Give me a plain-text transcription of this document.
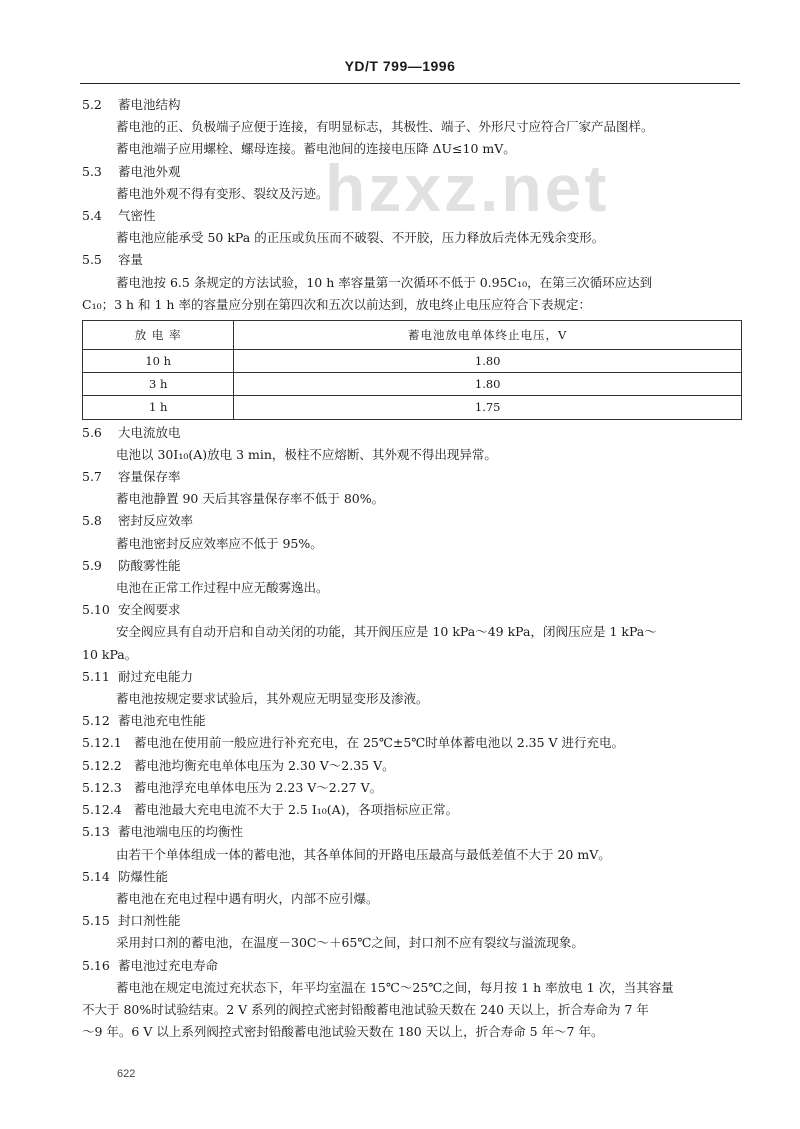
YD/T 799—1996
hzxz.net
5.2	蓄电池结构
蓄电池的正、负极端子应便于连接，有明显标志，其极性、端子、外形尺寸应符合厂家产品图样。
蓄电池端子应用螺栓、螺母连接。蓄电池间的连接电压降 ΔU≤10 mV。
5.3	蓄电池外观
蓄电池外观不得有变形、裂纹及污迹。
5.4	气密性
蓄电池应能承受 50 kPa 的正压或负压而不破裂、不开胶，压力释放后壳体无残余变形。
5.5	容量
蓄电池按 6.5 条规定的方法试验，10 h 率容量第一次循环不低于 0.95C₁₀，在第三次循环应达到
C₁₀；3 h 和 1 h 率的容量应分别在第四次和五次以前达到，放电终止电压应符合下表规定：
放 电 率	蓄电池放电单体终止电压，V
10 h	1.80
3 h	1.80
1 h	1.75
5.6	大电流放电
电池以 30I₁₀(A)放电 3 min，极柱不应熔断、其外观不得出现异常。
5.7	容量保存率
蓄电池静置 90 天后其容量保存率不低于 80%。
5.8	密封反应效率
蓄电池密封反应效率应不低于 95%。
5.9	防酸雾性能
电池在正常工作过程中应无酸雾逸出。
5.10 安全阀要求
安全阀应具有自动开启和自动关闭的功能，其开阀压应是 10 kPa～49 kPa，闭阀压应是 1 kPa～
10 kPa。
5.11 耐过充电能力
蓄电池按规定要求试验后，其外观应无明显变形及渗液。
5.12 蓄电池充电性能
5.12.1 蓄电池在使用前一般应进行补充充电，在 25℃±5℃时单体蓄电池以 2.35 V 进行充电。
5.12.2 蓄电池均衡充电单体电压为 2.30 V～2.35 V。
5.12.3 蓄电池浮充电单体电压为 2.23 V～2.27 V。
5.12.4 蓄电池最大充电电流不大于 2.5 I₁₀(A)，各项指标应正常。
5.13 蓄电池端电压的均衡性
由若干个单体组成一体的蓄电池，其各单体间的开路电压最高与最低差值不大于 20 mV。
5.14 防爆性能
蓄电池在充电过程中遇有明火，内部不应引爆。
5.15 封口剂性能
采用封口剂的蓄电池，在温度－30C～＋65℃之间，封口剂不应有裂纹与溢流现象。
5.16 蓄电池过充电寿命
蓄电池在规定电流过充状态下，年平均室温在 15℃～25℃之间，每月按 1 h 率放电 1 次，当其容量
不大于 80%时试验结束。2 V 系列的阀控式密封铅酸蓄电池试验天数在 240 天以上，折合寿命为 7 年
～9 年。6 V 以上系列阀控式密封铅酸蓄电池试验天数在 180 天以上，折合寿命 5 年～7 年。
622
